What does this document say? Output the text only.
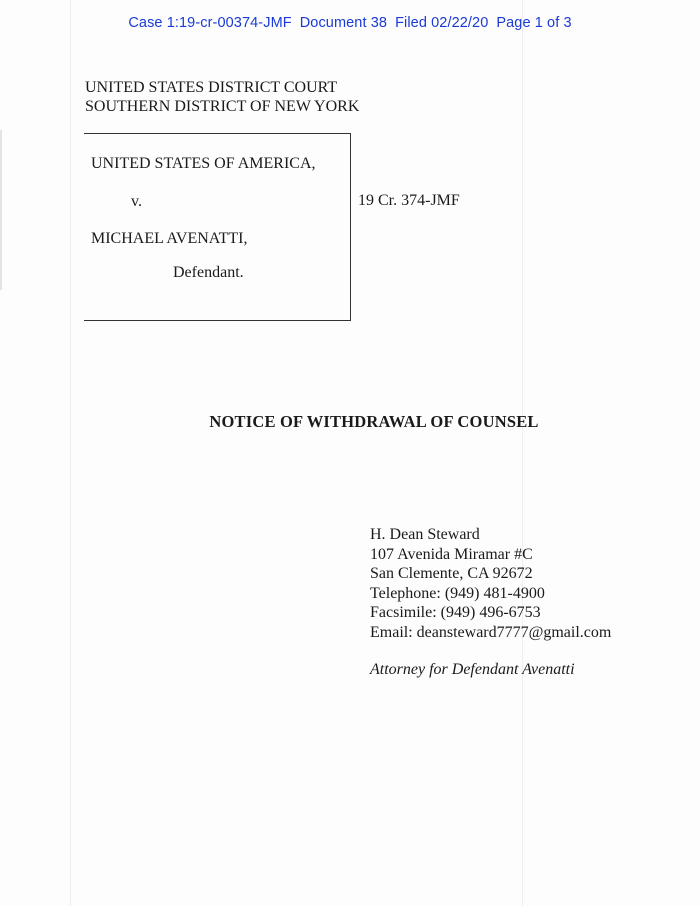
Case 1:19-cr-00374-JMF Document 38 Filed 02/22/20 Page 1 of 3
UNITED STATES DISTRICT COURT
SOUTHERN DISTRICT OF NEW YORK
UNITED STATES OF AMERICA,
v.
MICHAEL AVENATTI,
Defendant.
19 Cr. 374-JMF
NOTICE OF WITHDRAWAL OF COUNSEL
H. Dean Steward
107 Avenida Miramar #C
San Clemente, CA 92672
Telephone: (949) 481-4900
Facsimile: (949) 496-6753
Email: deansteward7777@gmail.com
Attorney for Defendant Avenatti
